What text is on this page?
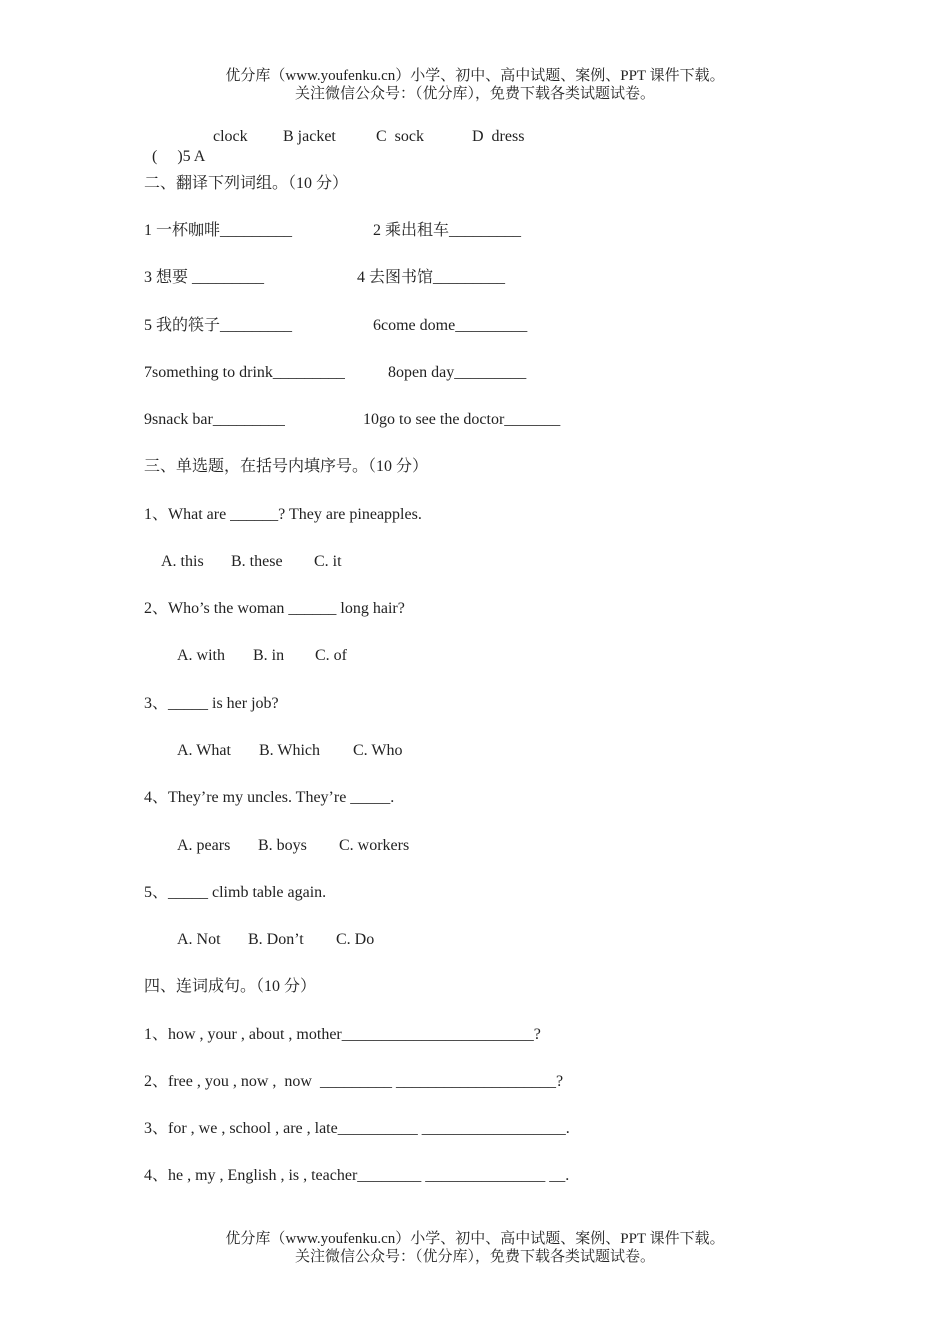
优分库（www.youfenku.cn）小学、初中、高中试题、案例、PPT 课件下载。
关注微信公众号：（优分库），免费下载各类试题试卷。

(     )5 A

clock B jacket	C  sock	D  dress
二、翻译下列词组。（10 分）
1 一杯咖啡_________	2 乘出租车_________
3 想要 _________	4 去图书馆_________
5 我的筷子_________	6come dome_________
7something to drink_________	8open day_________
9snack bar_________	10go to see the doctor_______
三、单选题，在括号内填序号。（10 分）
1、What are ______? They are pineapples.
A. this B. these C. it
2、Who’s the woman ______ long hair?
A. with B. in C. of
3、_____ is her job?
A. What B. Which C. Who
4、They’re my uncles. They’re _____.
A. pears B. boys C. workers
5、_____ climb table again.
A. Not B. Don’t C. Do
四、连词成句。（10 分）
1、how , your , about , mother________________________?
2、free , you , now ,  now  _________ ____________________?
3、for , we , school , are , late__________ __________________.
4、he , my , English , is , teacher________ _______________ __.
优分库（www.youfenku.cn）小学、初中、高中试题、案例、PPT 课件下载。
关注微信公众号：（优分库），免费下载各类试题试卷。
